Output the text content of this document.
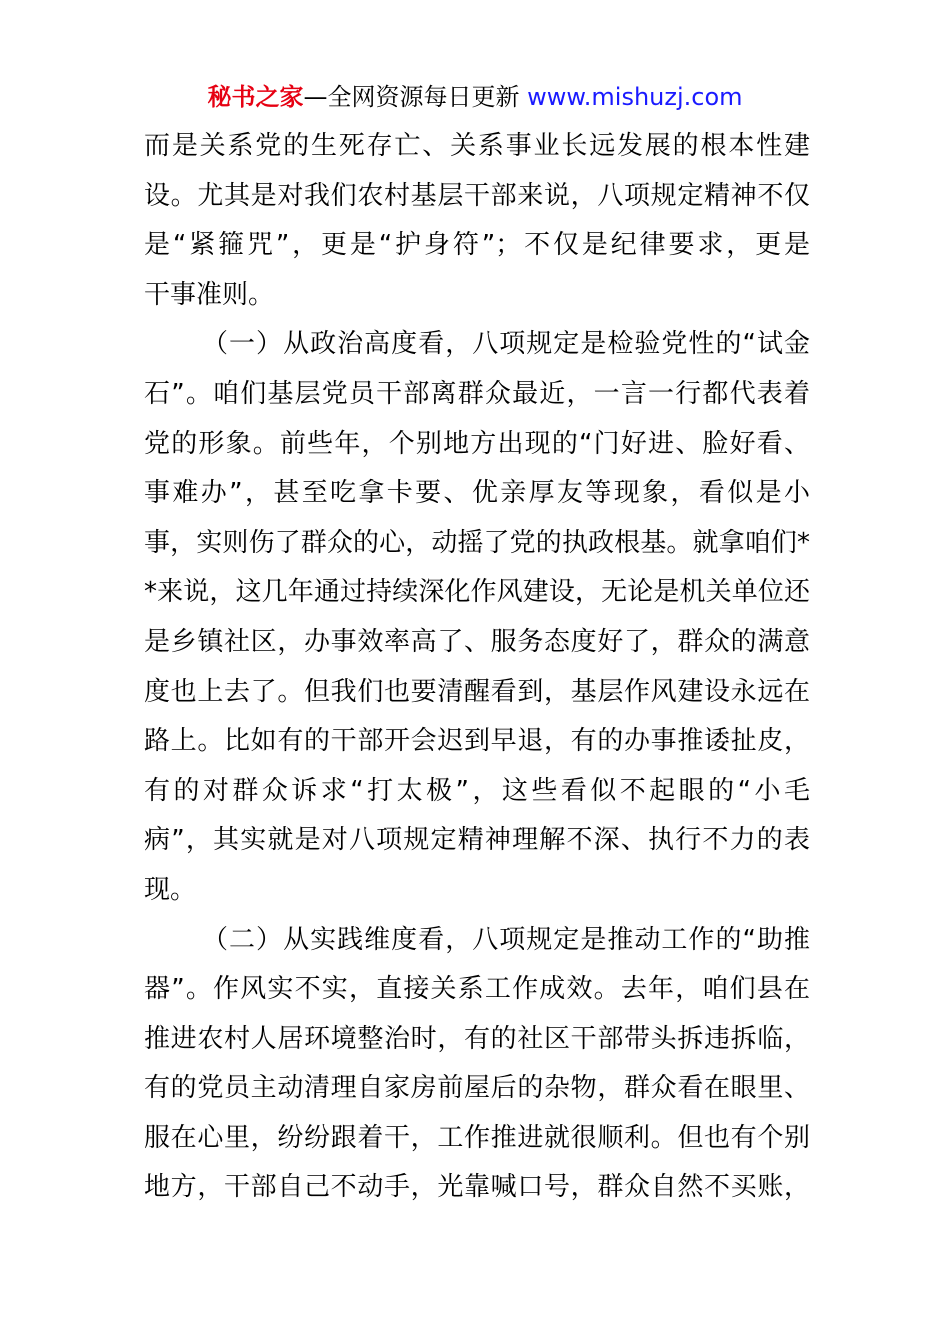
秘书之家—全网资源每日更新 www.mishuzj.com
而是关系党的生死存亡、关系事业长远发展的根本性建
设。尤其是对我们农村基层干部来说，八项规定精神不仅
是“紧箍咒”，更是“护身符”；不仅是纪律要求，更是
干事准则。
（一）从政治高度看，八项规定是检验党性的“试金
石”。咱们基层党员干部离群众最近，一言一行都代表着
党的形象。前些年，个别地方出现的“门好进、脸好看、
事难办”，甚至吃拿卡要、优亲厚友等现象，看似是小
事，实则伤了群众的心，动摇了党的执政根基。就拿咱们*
*来说，这几年通过持续深化作风建设，无论是机关单位还
是乡镇社区，办事效率高了、服务态度好了，群众的满意
度也上去了。但我们也要清醒看到，基层作风建设永远在
路上。比如有的干部开会迟到早退，有的办事推诿扯皮，
有的对群众诉求“打太极”，这些看似不起眼的“小毛
病”，其实就是对八项规定精神理解不深、执行不力的表
现。
（二）从实践维度看，八项规定是推动工作的“助推
器”。作风实不实，直接关系工作成效。去年，咱们县在
推进农村人居环境整治时，有的社区干部带头拆违拆临，
有的党员主动清理自家房前屋后的杂物，群众看在眼里、
服在心里，纷纷跟着干，工作推进就很顺利。但也有个别
地方，干部自己不动手，光靠喊口号，群众自然不买账，
